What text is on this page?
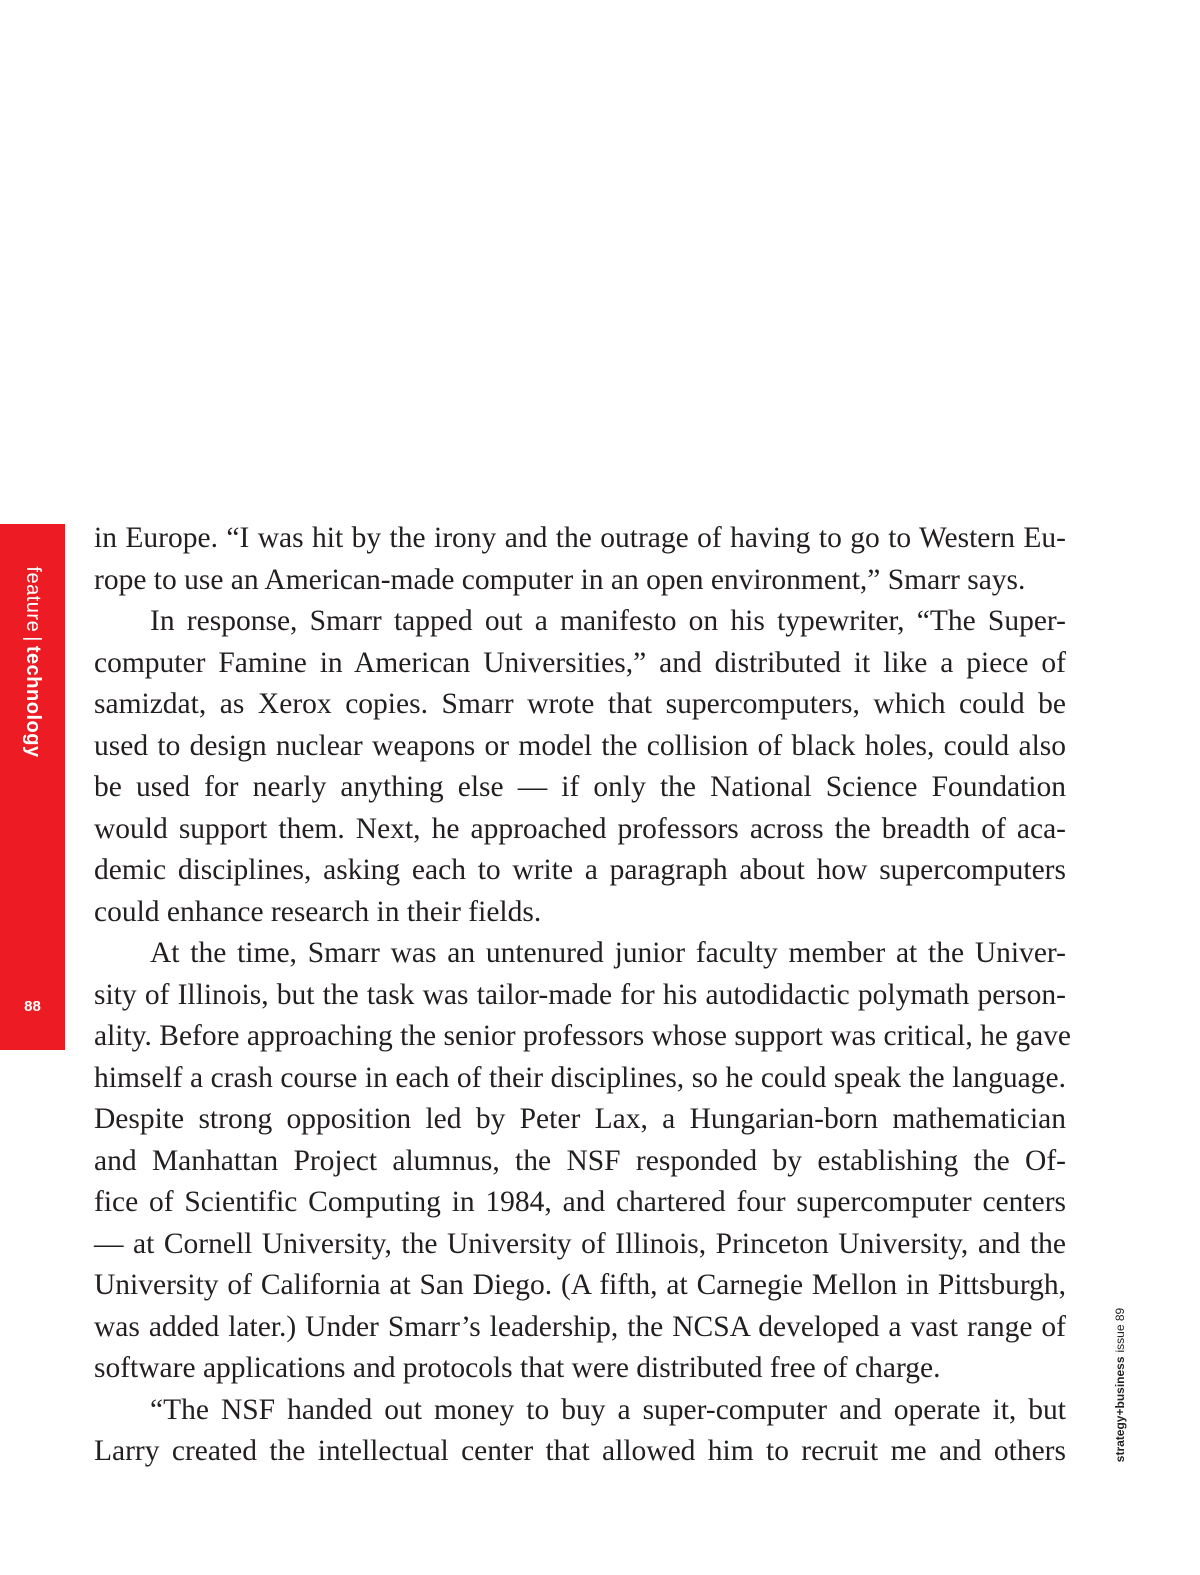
feature|technology
88
in Europe. “I was hit by the irony and the outrage of having to go to Western Eu-
rope to use an American-made computer in an open environment,” Smarr says.
In response, Smarr tapped out a manifesto on his typewriter, “The Super-
computer Famine in American Universities,” and distributed it like a piece of
samizdat, as Xerox copies. Smarr wrote that supercomputers, which could be
used to design nuclear weapons or model the collision of black holes, could also
be used for nearly anything else — if only the National Science Foundation
would support them. Next, he approached professors across the breadth of aca-
demic disciplines, asking each to write a paragraph about how supercomputers
could enhance research in their fields.
At the time, Smarr was an untenured junior faculty member at the Univer-
sity of Illinois, but the task was tailor-made for his autodidactic polymath person-
ality. Before approaching the senior professors whose support was critical, he gave
himself a crash course in each of their disciplines, so he could speak the language.
Despite strong opposition led by Peter Lax, a Hungarian-born mathematician
and Manhattan Project alumnus, the NSF responded by establishing the Of-
fice of Scientific Computing in 1984, and chartered four supercomputer centers
— at Cornell University, the University of Illinois, Princeton University, and the
University of California at San Diego. (A fifth, at Carnegie Mellon in Pittsburgh,
was added later.) Under Smarr’s leadership, the NCSA developed a vast range of
software applications and protocols that were distributed free of charge.
“The NSF handed out money to buy a super-computer and operate it, but
Larry created the intellectual center that allowed him to recruit me and others	strategy+businessissue 89
